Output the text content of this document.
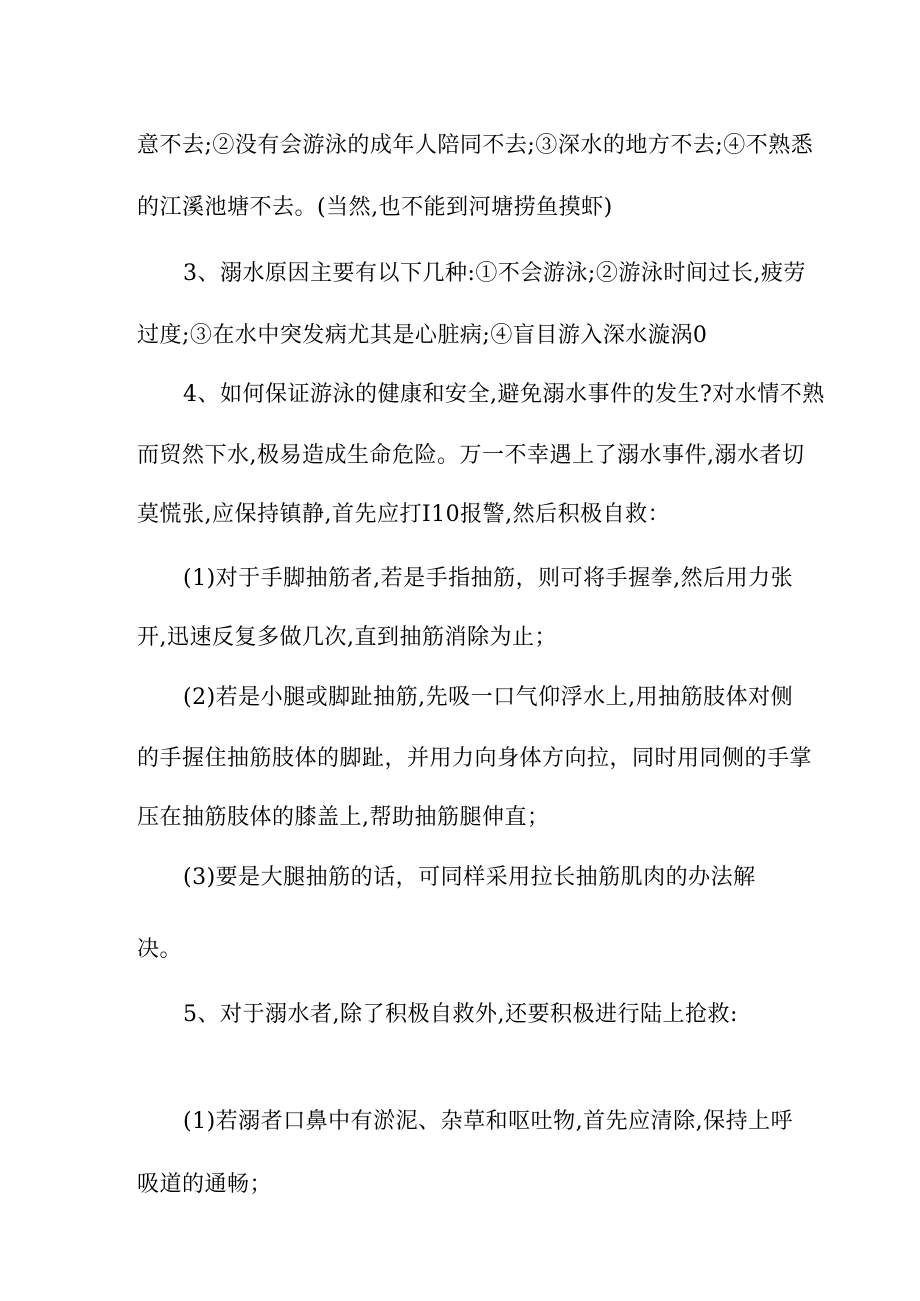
意不去;②没有会游泳的成年人陪同不去;③深水的地方不去;④不熟悉
的江溪池塘不去。(当然,也不能到河塘捞鱼摸虾)
3、溺水原因主要有以下几种:①不会游泳;②游泳时间过长,疲劳
过度;③在水中突发病尤其是心脏病;④盲目游入深水漩涡0
4、如何保证游泳的健康和安全,避免溺水事件的发生?对水情不熟
而贸然下水,极易造成生命危险。万一不幸遇上了溺水事件,溺水者切
莫慌张,应保持镇静,首先应打I10报警,然后积极自救：
(1)对于手脚抽筋者,若是手指抽筋，则可将手握拳,然后用力张
开,迅速反复多做几次,直到抽筋消除为止；
(2)若是小腿或脚趾抽筋,先吸一口气仰浮水上,用抽筋肢体对侧
的手握住抽筋肢体的脚趾，并用力向身体方向拉，同时用同侧的手掌
压在抽筋肢体的膝盖上,帮助抽筋腿伸直；
(3)要是大腿抽筋的话，可同样采用拉长抽筋肌肉的办法解
决。
5、对于溺水者,除了积极自救外,还要积极进行陆上抢救:
(1)若溺者口鼻中有淤泥、杂草和呕吐物,首先应清除,保持上呼
吸道的通畅；
